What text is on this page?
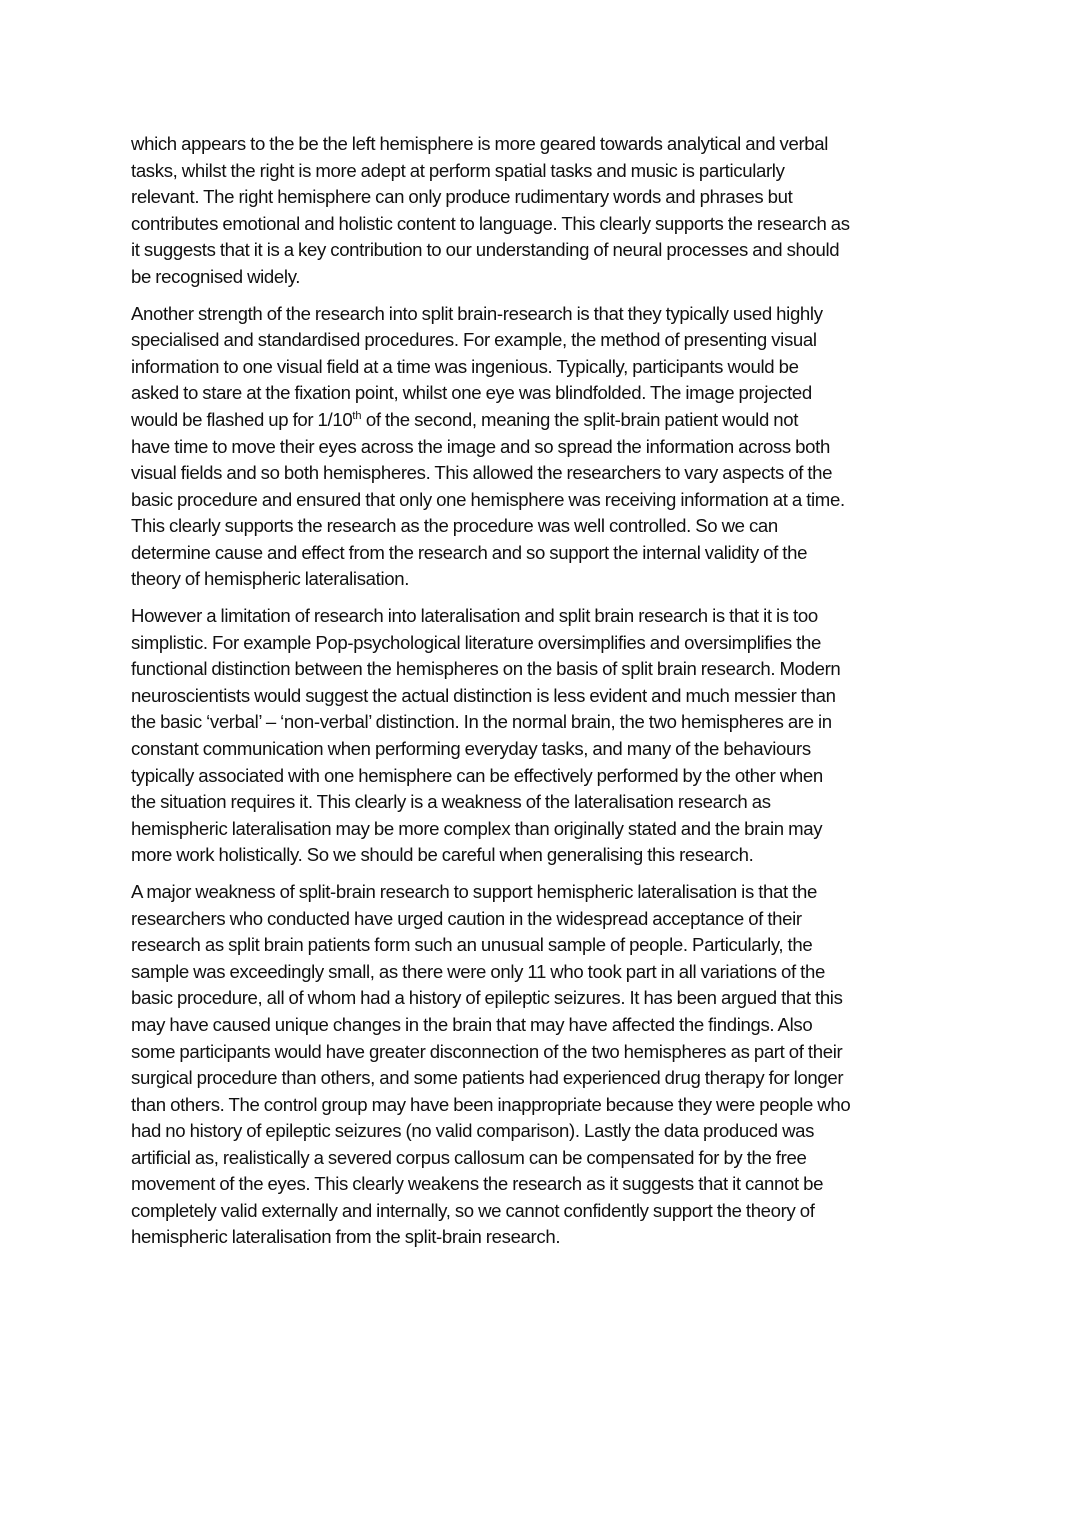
which appears to the be the left hemisphere is more geared towards analytical and verbal
tasks, whilst the right is more adept at perform spatial tasks and music is particularly
relevant. The right hemisphere can only produce rudimentary words and phrases but
contributes emotional and holistic content to language. This clearly supports the research as
it suggests that it is a key contribution to our understanding of neural processes and should
be recognised widely.

Another strength of the research into split brain-research is that they typically used highly
specialised and standardised procedures. For example, the method of presenting visual
information to one visual field at a time was ingenious. Typically, participants would be
asked to stare at the fixation point, whilst one eye was blindfolded. The image projected
would be flashed up for 1/10th of the second, meaning the split-brain patient would not
have time to move their eyes across the image and so spread the information across both
visual fields and so both hemispheres. This allowed the researchers to vary aspects of the
basic procedure and ensured that only one hemisphere was receiving information at a time.
This clearly supports the research as the procedure was well controlled. So we can
determine cause and effect from the research and so support the internal validity of the
theory of hemispheric lateralisation.

However a limitation of research into lateralisation and split brain research is that it is too
simplistic. For example Pop-psychological literature oversimplifies and oversimplifies the
functional distinction between the hemispheres on the basis of split brain research. Modern
neuroscientists would suggest the actual distinction is less evident and much messier than
the basic ‘verbal’ – ‘non-verbal’ distinction. In the normal brain, the two hemispheres are in
constant communication when performing everyday tasks, and many of the behaviours
typically associated with one hemisphere can be effectively performed by the other when
the situation requires it. This clearly is a weakness of the lateralisation research as
hemispheric lateralisation may be more complex than originally stated and the brain may
more work holistically. So we should be careful when generalising this research.

A major weakness of split-brain research to support hemispheric lateralisation is that the
researchers who conducted have urged caution in the widespread acceptance of their
research as split brain patients form such an unusual sample of people. Particularly, the
sample was exceedingly small, as there were only 11 who took part in all variations of the
basic procedure, all of whom had a history of epileptic seizures. It has been argued that this
may have caused unique changes in the brain that may have affected the findings. Also
some participants would have greater disconnection of the two hemispheres as part of their
surgical procedure than others, and some patients had experienced drug therapy for longer
than others. The control group may have been inappropriate because they were people who
had no history of epileptic seizures (no valid comparison). Lastly the data produced was
artificial as, realistically a severed corpus callosum can be compensated for by the free
movement of the eyes. This clearly weakens the research as it suggests that it cannot be
completely valid externally and internally, so we cannot confidently support the theory of
hemispheric lateralisation from the split-brain research.
